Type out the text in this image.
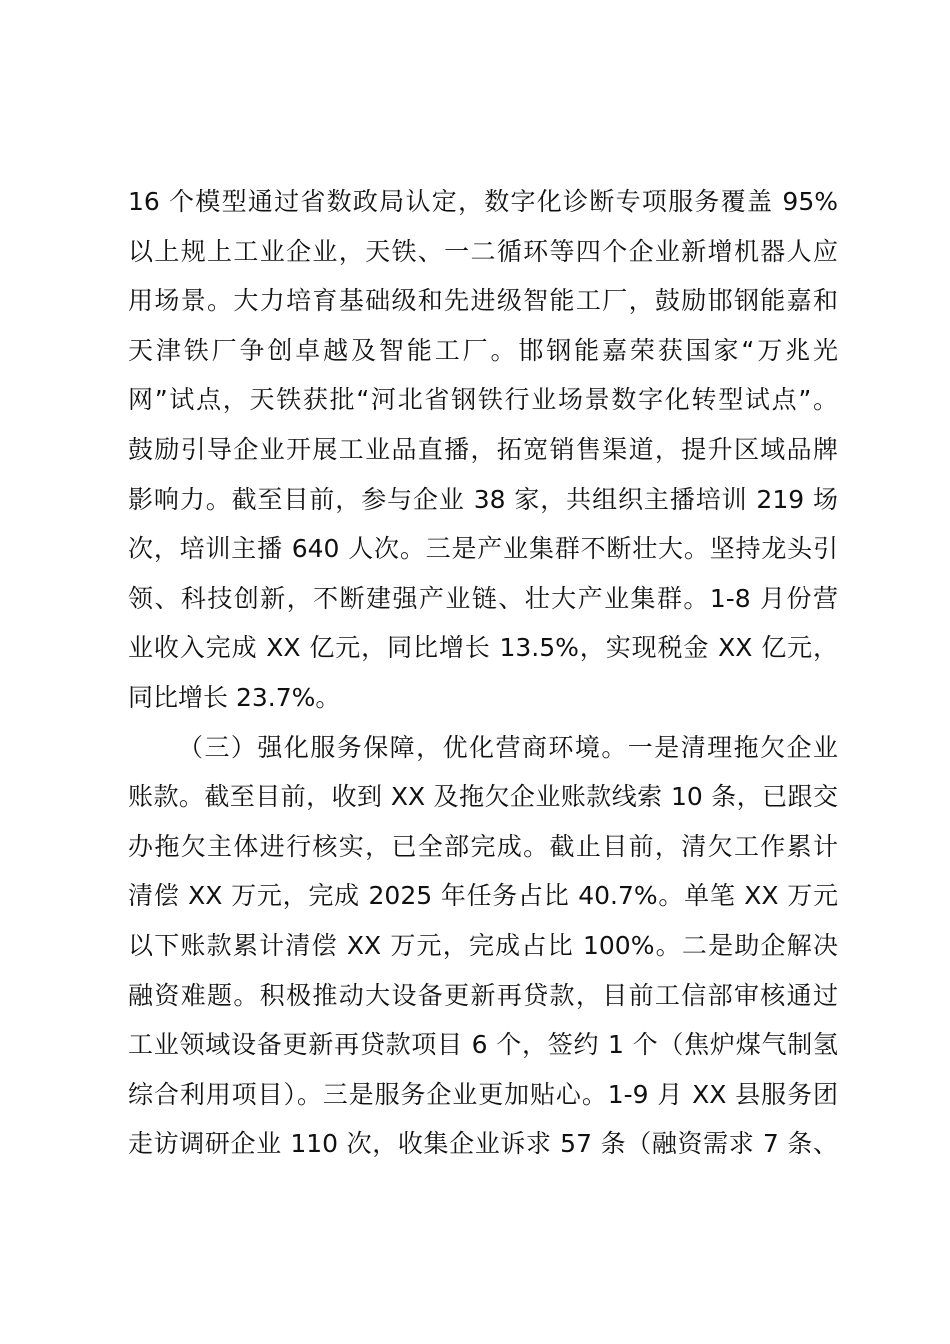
16 个模型通过省数政局认定，数字化诊断专项服务覆盖 95%
以上规上工业企业，天铁、一二循环等四个企业新增机器人应
用场景。大力培育基础级和先进级智能工厂，鼓励邯钢能嘉和
天津铁厂争创卓越及智能工厂。邯钢能嘉荣获国家“万兆光
网”试点，天铁获批“河北省钢铁行业场景数字化转型试点”。
鼓励引导企业开展工业品直播，拓宽销售渠道，提升区域品牌
影响力。截至目前，参与企业 38 家，共组织主播培训 219 场
次，培训主播 640 人次。三是产业集群不断壮大。坚持龙头引
领、科技创新，不断建强产业链、壮大产业集群。1-8 月份营
业收入完成 XX 亿元，同比增长 13.5%，实现税金 XX 亿元，
同比增长 23.7%。
（三）强化服务保障，优化营商环境。一是清理拖欠企业
账款。截至目前，收到 XX 及拖欠企业账款线索 10 条，已跟交
办拖欠主体进行核实，已全部完成。截止目前，清欠工作累计
清偿 XX 万元，完成 2025 年任务占比 40.7%。单笔 XX 万元
以下账款累计清偿 XX 万元，完成占比 100%。二是助企解决
融资难题。积极推动大设备更新再贷款，目前工信部审核通过
工业领域设备更新再贷款项目 6 个，签约 1 个（焦炉煤气制氢
综合利用项目）。三是服务企业更加贴心。1-9 月 XX 县服务团
走访调研企业 110 次，收集企业诉求 57 条（融资需求 7 条、
